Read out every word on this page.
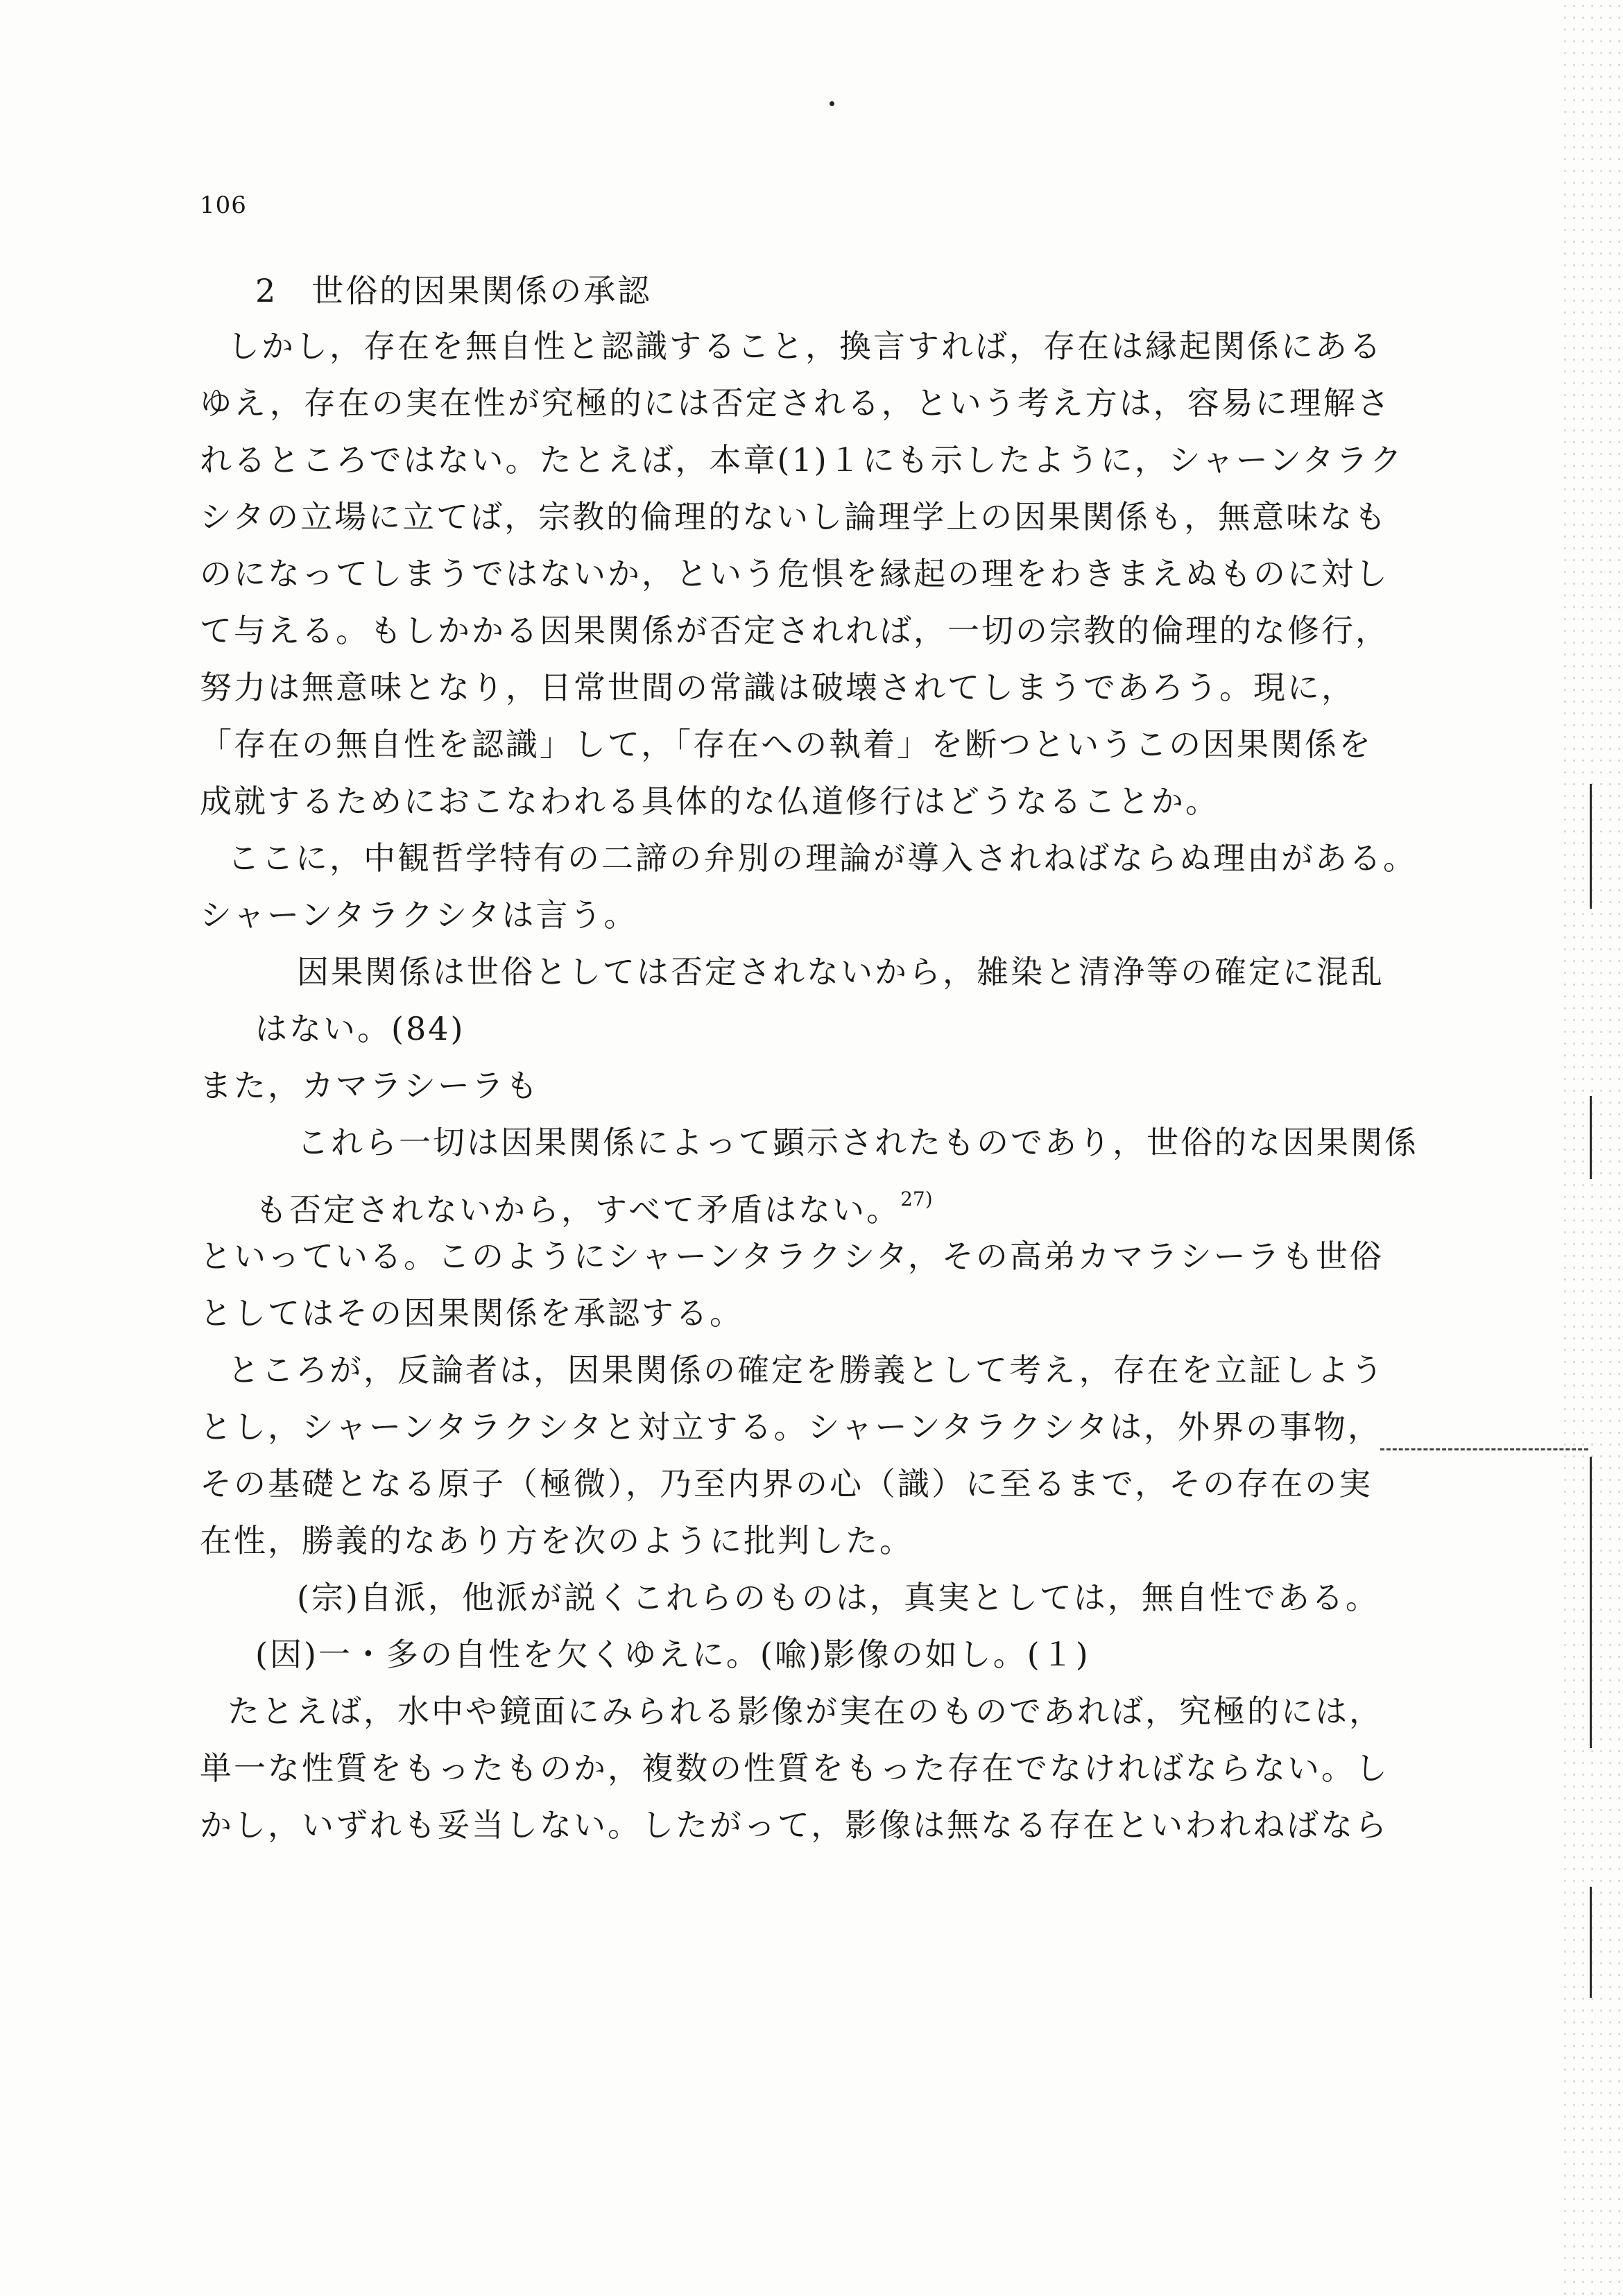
106
2　世俗的因果関係の承認
しかし，存在を無自性と認識すること，換言すれば，存在は縁起関係にある
ゆえ，存在の実在性が究極的には否定される，という考え方は，容易に理解さ
れるところではない。たとえば，本章(1)１にも示したように，シャーンタラク
シタの立場に立てば，宗教的倫理的ないし論理学上の因果関係も，無意味なも
のになってしまうではないか，という危惧を縁起の理をわきまえぬものに対し
て与える。もしかかる因果関係が否定されれば，一切の宗教的倫理的な修行，
努力は無意味となり，日常世間の常識は破壊されてしまうであろう。現に，
「存在の無自性を認識」して，「存在への執着」を断つというこの因果関係を
成就するためにおこなわれる具体的な仏道修行はどうなることか。
ここに，中観哲学特有の二諦の弁別の理論が導入されねばならぬ理由がある。
シャーンタラクシタは言う。
因果関係は世俗としては否定されないから，雑染と清浄等の確定に混乱
はない。(84)
また，カマラシーラも
これら一切は因果関係によって顕示されたものであり，世俗的な因果関係
も否定されないから，すべて矛盾はない。$^{27)}$
といっている。このようにシャーンタラクシタ，その高弟カマラシーラも世俗
としてはその因果関係を承認する。
ところが，反論者は，因果関係の確定を勝義として考え，存在を立証しよう
とし，シャーンタラクシタと対立する。シャーンタラクシタは，外界の事物，
その基礎となる原子（極微），乃至内界の心（識）に至るまで，その存在の実
在性，勝義的なあり方を次のように批判した。
(宗)自派，他派が説くこれらのものは，真実としては，無自性である。
(因)一・多の自性を欠くゆえに。(喩)影像の如し。(１)
たとえば，水中や鏡面にみられる影像が実在のものであれば，究極的には，
単一な性質をもったものか，複数の性質をもった存在でなければならない。し
かし，いずれも妥当しない。したがって，影像は無なる存在といわれねばなら
